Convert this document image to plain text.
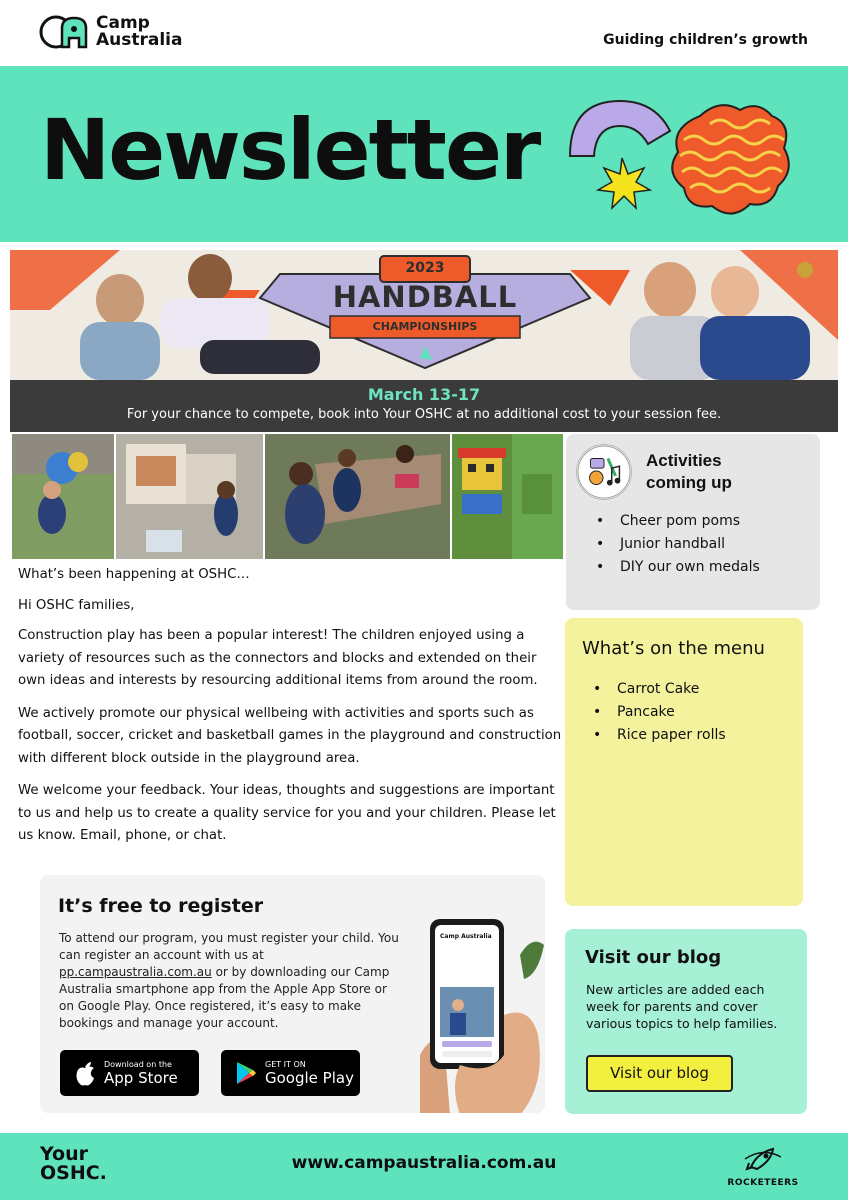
Camp
Australia	Guiding children’s growth
Newsletter
2023
HANDBALL
CHAMPIONSHIPS
March 13-17
For your chance to compete, book into Your OSHC at no additional cost to your session fee.
Activities
coming up
• Cheer pom poms
• Junior handball
• DIY our own medals
What’s on the menu
• Carrot Cake
• Pancake
• Rice paper rolls
Visit our blog
New articles are added each week for parents and cover various topics to help families.
Visit our blog

What’s been happening at OSHC…

Hi OSHC families,

Construction play has been a popular interest! The children enjoyed using a variety of resources such as the connectors and blocks and extended on their own ideas and interests by resourcing additional items from around the room.

We actively promote our physical wellbeing with activities and sports such as football, soccer, cricket and basketball games in the playground and construction with different block outside in the playground area.

We welcome your feedback. Your ideas, thoughts and suggestions are important to us and help us to create a quality service for you and your children. Please let us know. Email, phone, or chat.

It’s free to register
To attend our program, you must register your child. You can register an account with us at pp.campaustralia.com.au or by downloading our Camp Australia smartphone app from the Apple App Store or on Google Play. Once registered, it’s easy to make bookings and manage your account.
Download on the
App Store
GET IT ON
Google Play
Camp Australia
Your
OSHC.	www.campaustralia.com.au
ROCKETEERS
